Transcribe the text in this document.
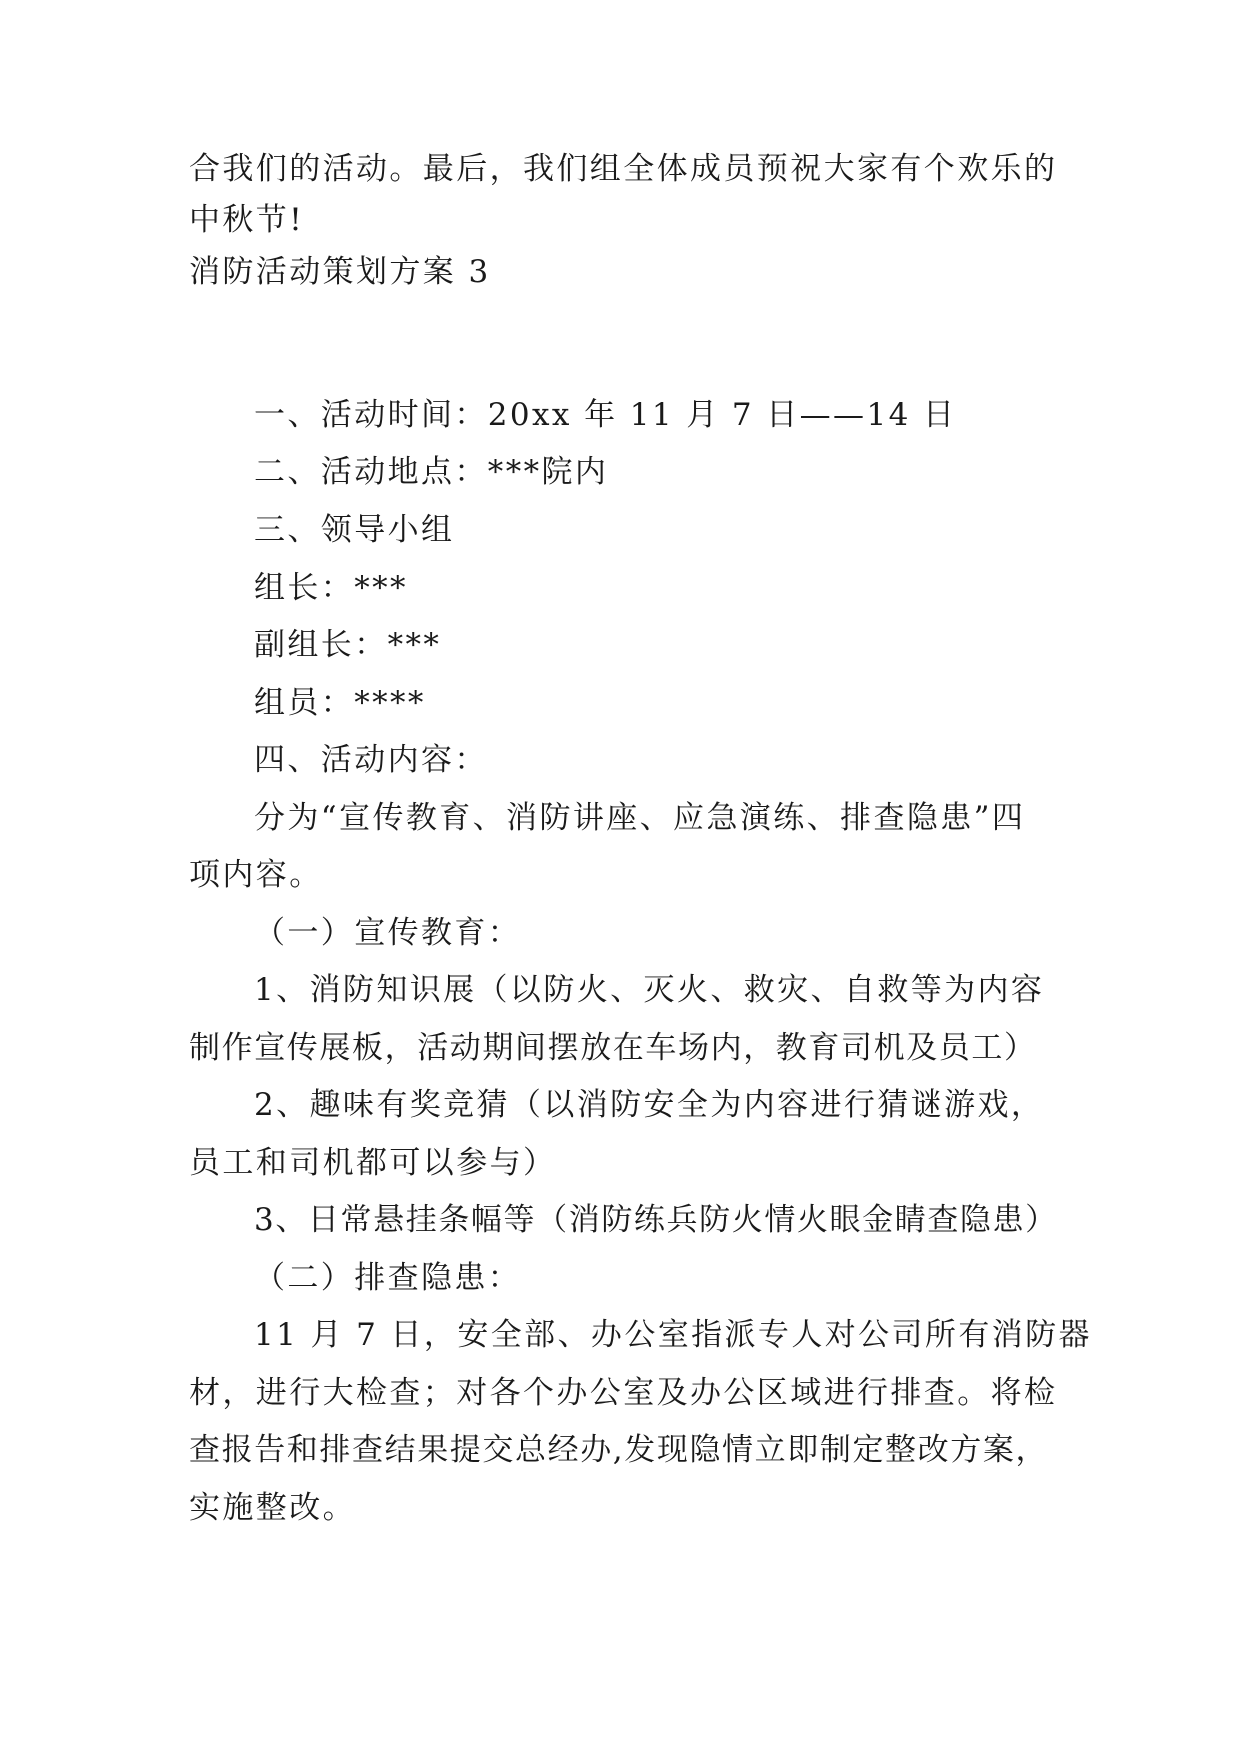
合我们的活动。最后，我们组全体成员预祝大家有个欢乐的
中秋节!
消防活动策划方案 3
一、活动时间：20xx 年 11 月 7 日——14 日
二、活动地点：***院内
三、领导小组
组长：***
副组长：***
组员：****
四、活动内容：
分为“宣传教育、消防讲座、应急演练、排查隐患”四
项内容。
（一）宣传教育：
1、消防知识展（以防火、灭火、救灾、自救等为内容
制作宣传展板，活动期间摆放在车场内，教育司机及员工）
2、趣味有奖竞猜（以消防安全为内容进行猜谜游戏，
员工和司机都可以参与）
3、日常悬挂条幅等（消防练兵防火情火眼金睛查隐患）
（二）排查隐患：
11 月 7 日，安全部、办公室指派专人对公司所有消防器
材，进行大检查；对各个办公室及办公区域进行排查。将检
查报告和排查结果提交总经办,发现隐情立即制定整改方案，
实施整改。
